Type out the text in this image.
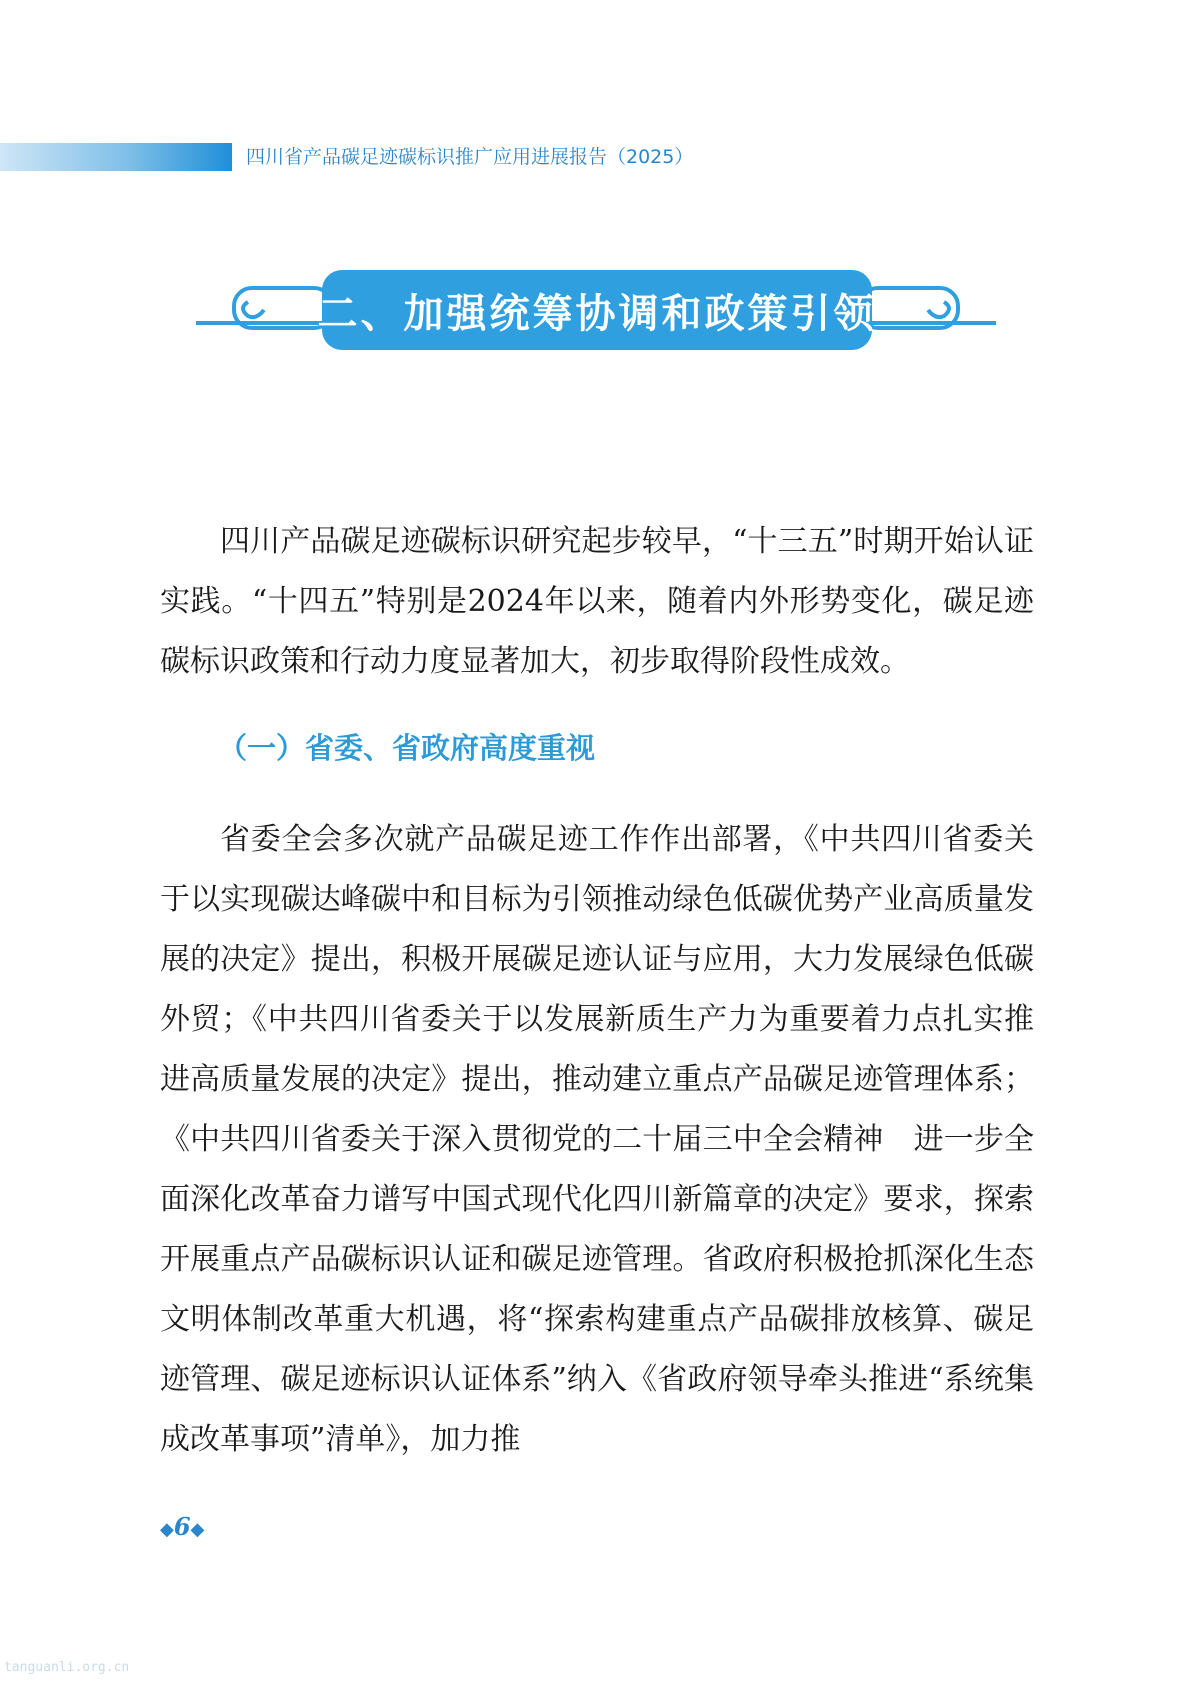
四川省产品碳足迹碳标识推广应用进展报告（2025）
二、加强统筹协调和政策引领

四川产品碳足迹碳标识研究起步较早，“十三五”时期开始认证实践。“十四五”特别是2024年以来，随着内外形势变化，碳足迹碳标识政策和行动力度显著加大，初步取得阶段性成效。

（一）省委、省政府高度重视

省委全会多次就产品碳足迹工作作出部署，《中共四川省委关于以实现碳达峰碳中和目标为引领推动绿色低碳优势产业高质量发展的决定》提出，积极开展碳足迹认证与应用，大力发展绿色低碳外贸；《中共四川省委关于以发展新质生产力为重要着力点扎实推进高质量发展的决定》提出，推动建立重点产品碳足迹管理体系；《中共四川省委关于深入贯彻党的二十届三中全会精神　进一步全面深化改革奋力谱写中国式现代化四川新篇章的决定》要求，探索开展重点产品碳标识认证和碳足迹管理。省政府积极抢抓深化生态文明体制改革重大机遇，将“探索构建重点产品碳排放核算、碳足迹管理、碳足迹标识认证体系”纳入《省政府领导牵头推进“系统集成改革事项”清单》，加力推

◆6◆
tanguanli.org.cn
